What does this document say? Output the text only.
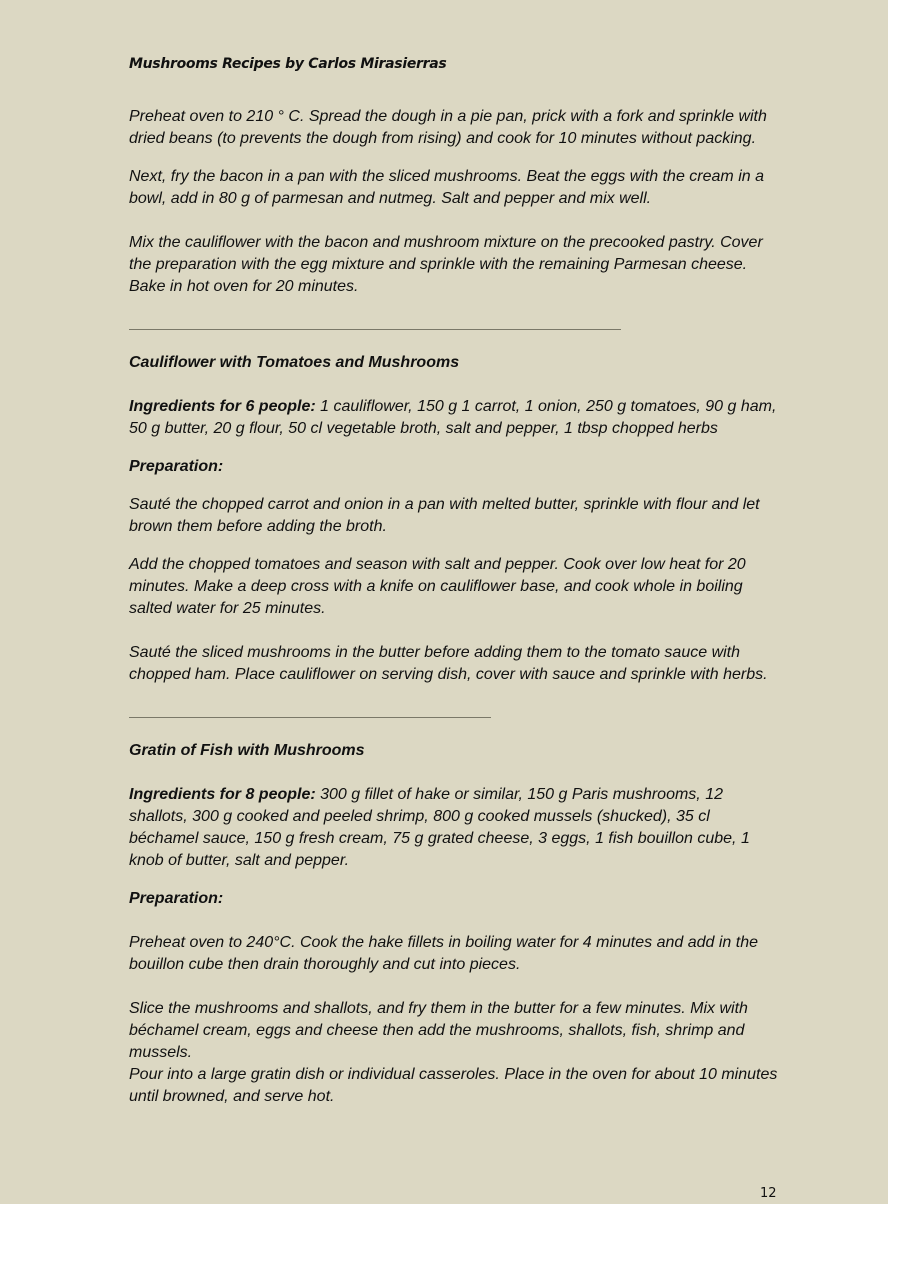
Mushrooms Recipes by Carlos Mirasierras

Preheat oven to 210 ° C. Spread the dough in a pie pan, prick with a fork and sprinkle with dried beans (to prevents the dough from rising) and cook for 10 minutes without packing.

Next, fry the bacon in a pan with the sliced mushrooms. Beat the eggs with the cream in a bowl, add in 80 g of parmesan and nutmeg. Salt and pepper and mix well.

Mix the cauliflower with the bacon and mushroom mixture on the precooked pastry. Cover the preparation with the egg mixture and sprinkle with the remaining Parmesan cheese. Bake in hot oven for 20 minutes.

Cauliflower with Tomatoes and Mushrooms

Ingredients for 6 people: 1 cauliflower, 150 g 1 carrot, 1 onion, 250 g tomatoes, 90 g ham, 50 g butter, 20 g flour, 50 cl vegetable broth, salt and pepper, 1 tbsp chopped herbs

Preparation:

Sauté the chopped carrot and onion in a pan with melted butter, sprinkle with flour and let brown them before adding the broth.

Add the chopped tomatoes and season with salt and pepper. Cook over low heat for 20 minutes. Make a deep cross with a knife on cauliflower base, and cook whole in boiling salted water for 25 minutes.

Sauté the sliced mushrooms in the butter before adding them to the tomato sauce with chopped ham. Place cauliflower on serving dish, cover with sauce and sprinkle with herbs.

Gratin of Fish with Mushrooms

Ingredients for 8 people: 300 g fillet of hake or similar, 150 g Paris mushrooms, 12 shallots, 300 g cooked and peeled shrimp, 800 g cooked mussels (shucked), 35 cl béchamel sauce, 150 g fresh cream, 75 g grated cheese, 3 eggs, 1 fish bouillon cube, 1 knob of butter, salt and pepper.

Preparation:

Preheat oven to 240°C. Cook the hake fillets in boiling water for 4 minutes and add in the bouillon cube then drain thoroughly and cut into pieces.

Slice the mushrooms and shallots, and fry them in the butter for a few minutes. Mix with béchamel cream, eggs and cheese then add the mushrooms, shallots, fish, shrimp and mussels.

Pour into a large gratin dish or individual casseroles. Place in the oven for about 10 minutes until browned, and serve hot.

12
